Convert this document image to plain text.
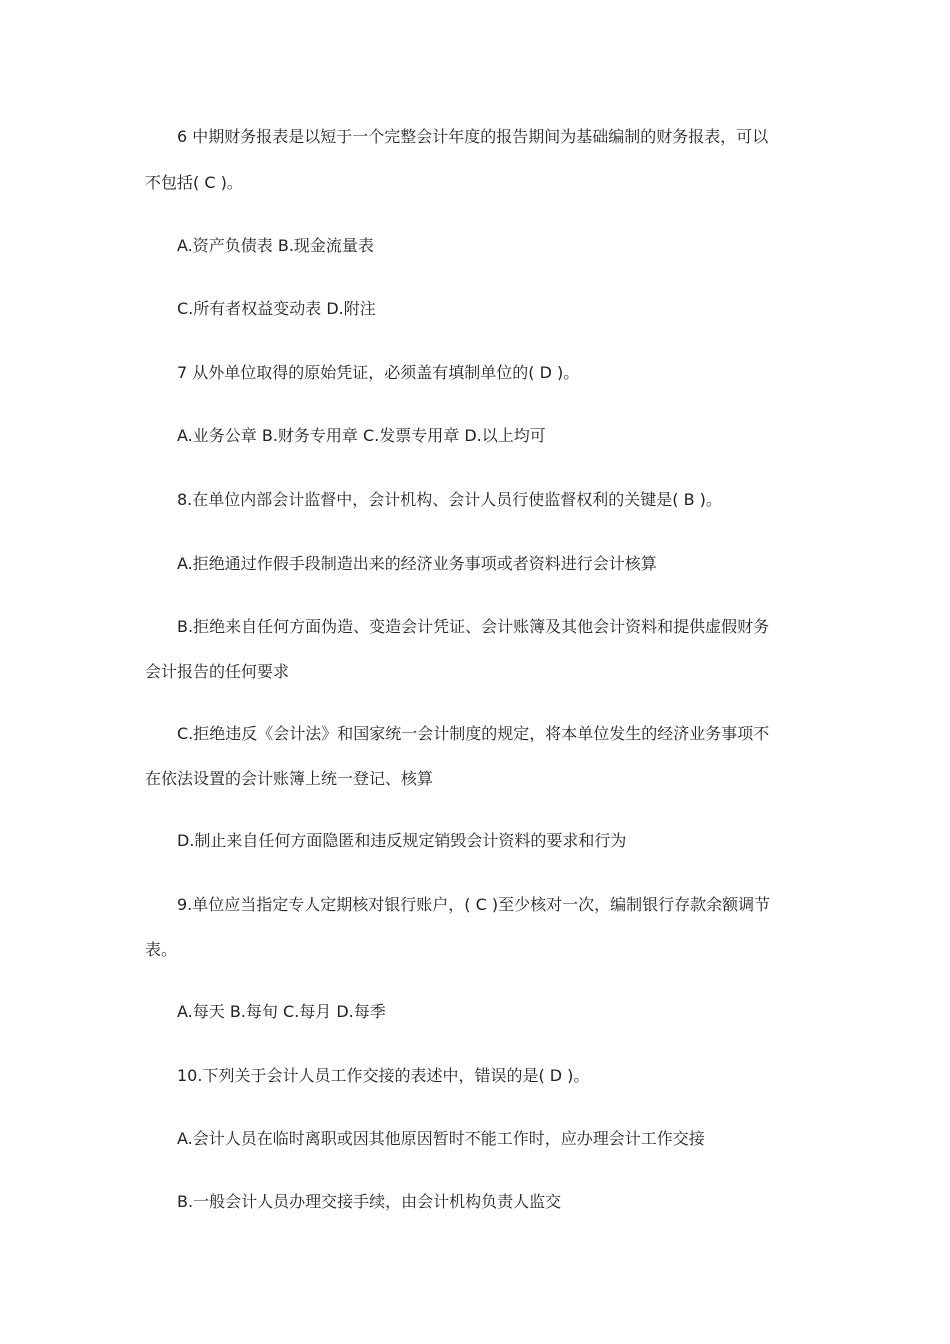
6 中期财务报表是以短于一个完整会计年度的报告期间为基础编制的财务报表，可以
不包括( C )。
A.资产负债表 B.现金流量表
C.所有者权益变动表 D.附注
7 从外单位取得的原始凭证，必须盖有填制单位的( D )。
A.业务公章 B.财务专用章 C.发票专用章 D.以上均可
8.在单位内部会计监督中，会计机构、会计人员行使监督权利的关键是( B )。
A.拒绝通过作假手段制造出来的经济业务事项或者资料进行会计核算
B.拒绝来自任何方面伪造、变造会计凭证、会计账簿及其他会计资料和提供虚假财务
会计报告的任何要求
C.拒绝违反《会计法》和国家统一会计制度的规定，将本单位发生的经济业务事项不
在依法设置的会计账簿上统一登记、核算
D.制止来自任何方面隐匿和违反规定销毁会计资料的要求和行为
9.单位应当指定专人定期核对银行账户，( C )至少核对一次，编制银行存款余额调节
表。
A.每天 B.每旬 C.每月 D.每季
10.下列关于会计人员工作交接的表述中，错误的是( D )。
A.会计人员在临时离职或因其他原因暂时不能工作时，应办理会计工作交接
B.一般会计人员办理交接手续，由会计机构负责人监交
